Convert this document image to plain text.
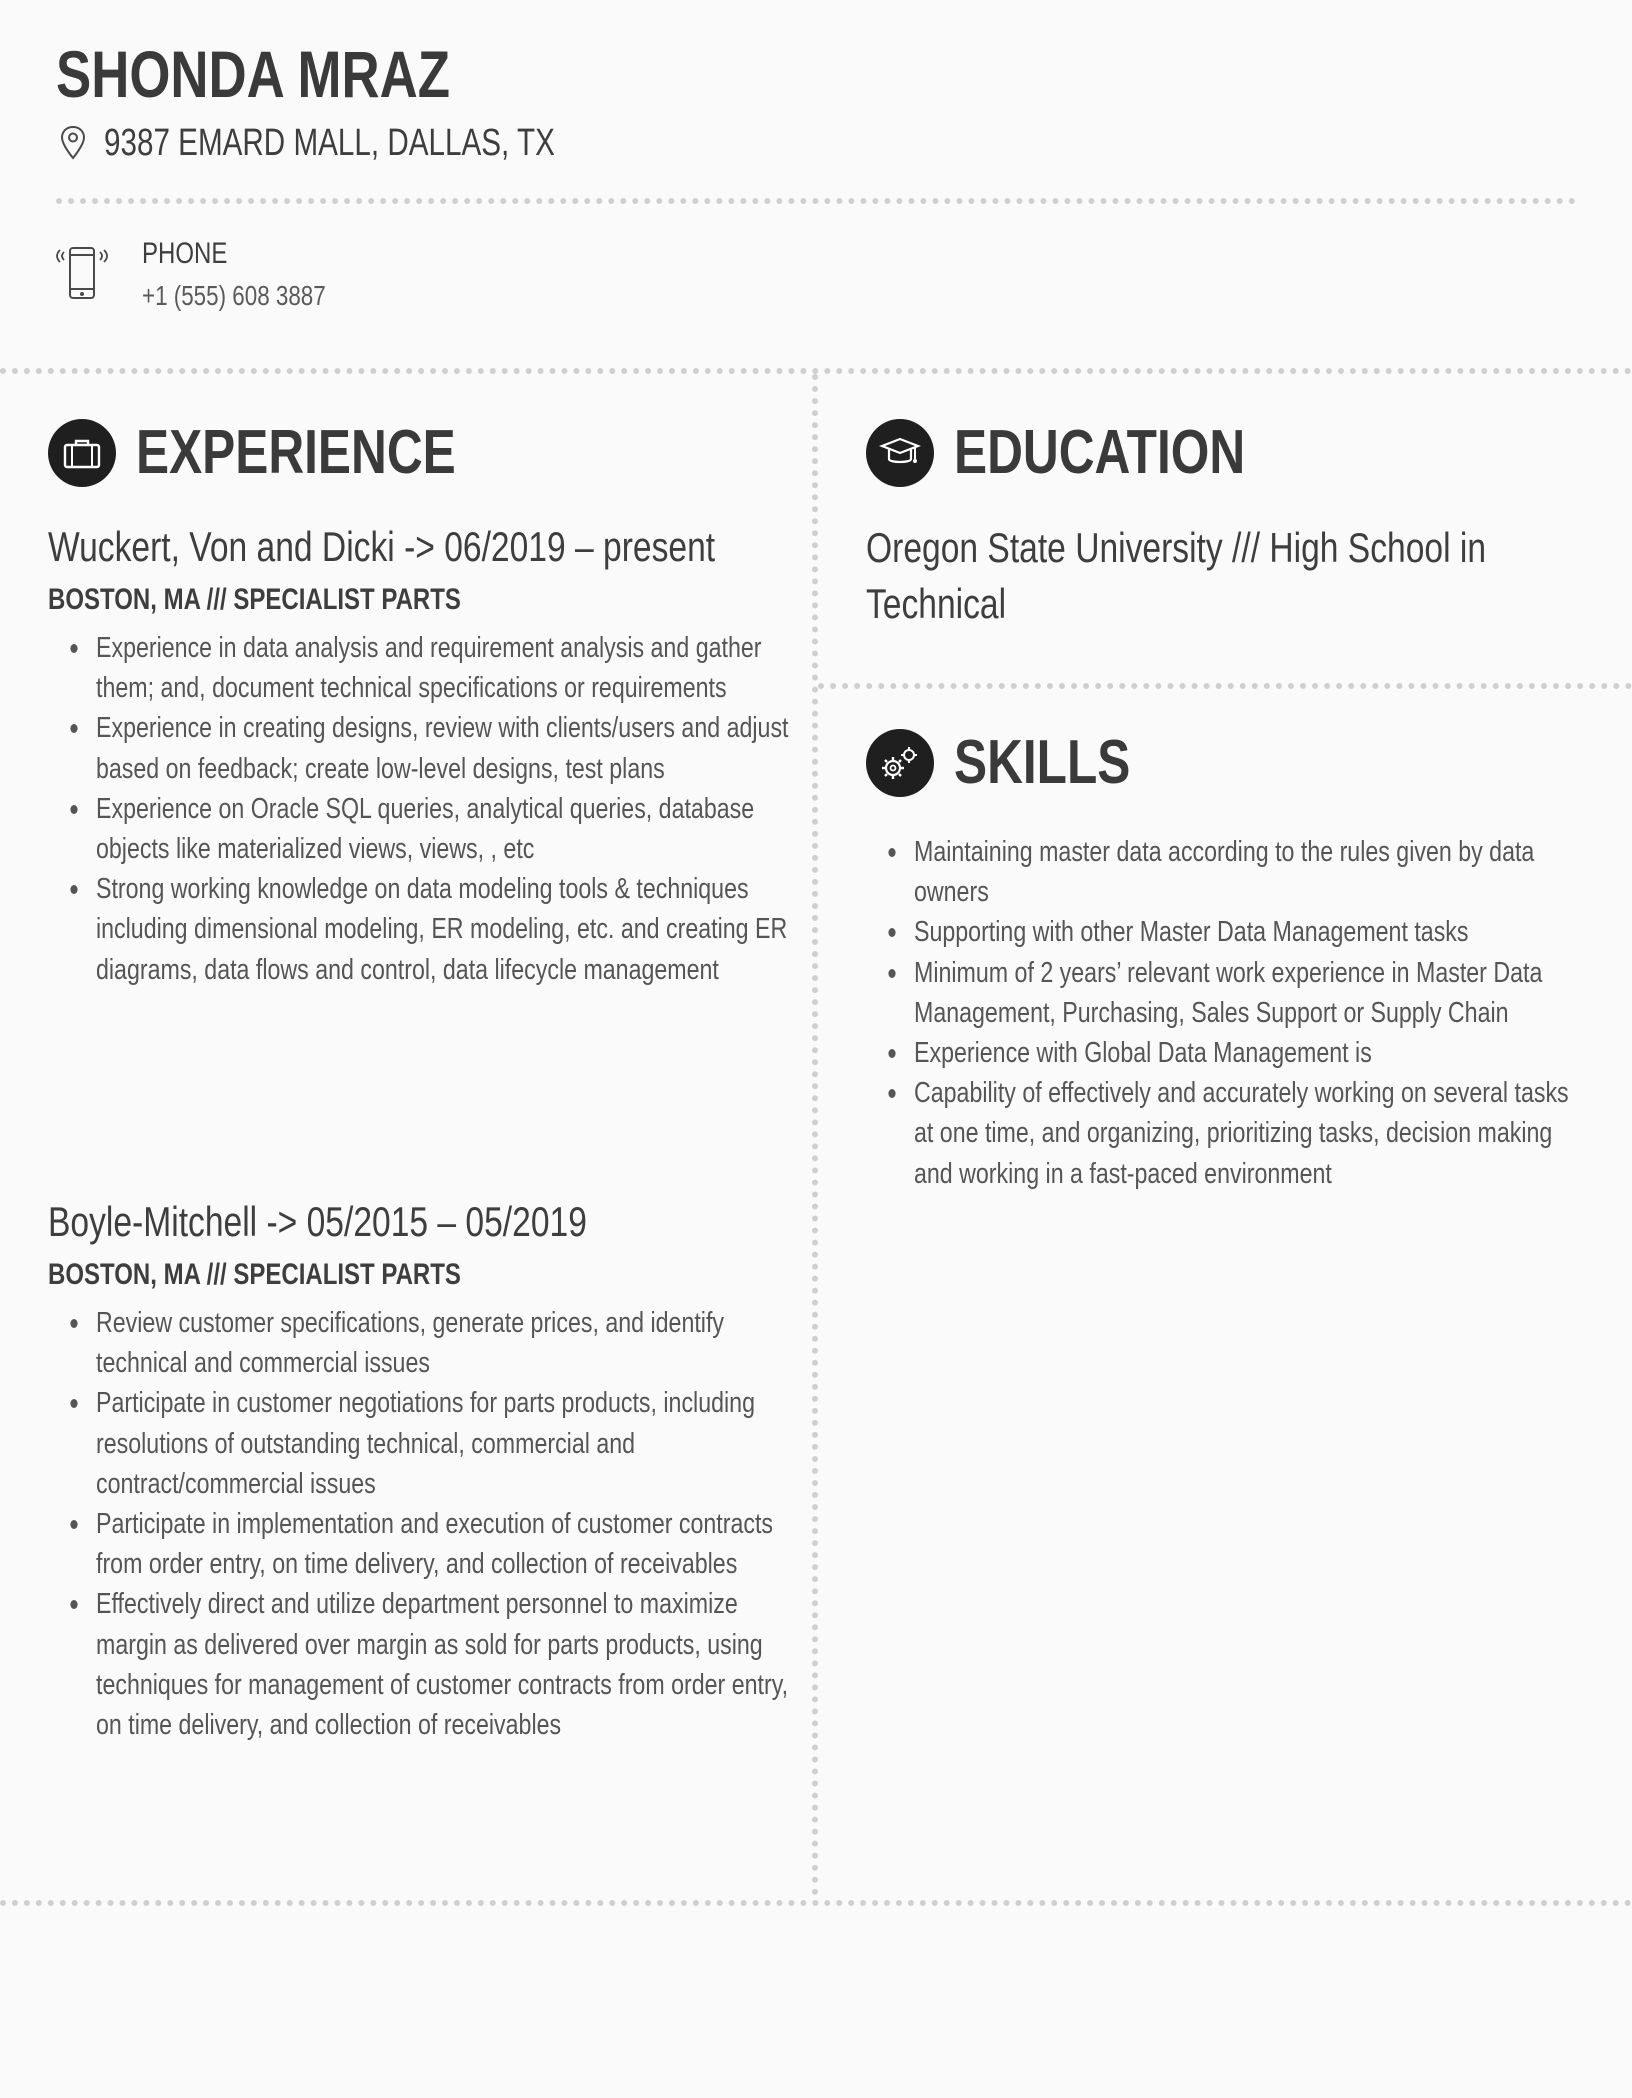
SHONDA MRAZ
9387 EMARD MALL, DALLAS, TX
PHONE
+1 (555) 608 3887
EXPERIENCE

Wuckert, Von and Dicki -> 06/2019 – present

BOSTON, MA /// SPECIALIST PARTS

Experience in data analysis and requirement analysis and gather them; and, document technical specifications or requirements
Experience in creating designs, review with clients/users and adjust based on feedback; create low-level designs, test plans
Experience on Oracle SQL queries, analytical queries, database objects like materialized views, views, , etc
Strong working knowledge on data modeling tools & techniques including dimensional modeling, ER modeling, etc. and creating ER diagrams, data flows and control, data lifecycle management

Boyle-Mitchell -> 05/2015 – 05/2019

BOSTON, MA /// SPECIALIST PARTS

Review customer specifications, generate prices, and identify technical and commercial issues
Participate in customer negotiations for parts products, including resolutions of outstanding technical, commercial and contract/commercial issues
Participate in implementation and execution of customer contracts from order entry, on time delivery, and collection of receivables
Effectively direct and utilize department personnel to maximize margin as delivered over margin as sold for parts products, using techniques for management of customer contracts from order entry, on time delivery, and collection of receivables
EDUCATION

Oregon State University /// High School in Technical

SKILLS
Maintaining master data according to the rules given by data owners
Supporting with other Master Data Management tasks
Minimum of 2 years’ relevant work experience in Master Data Management, Purchasing, Sales Support or Supply Chain
Experience with Global Data Management is
Capability of effectively and accurately working on several tasks at one time, and organizing, prioritizing tasks, decision making and working in a fast-paced environment
